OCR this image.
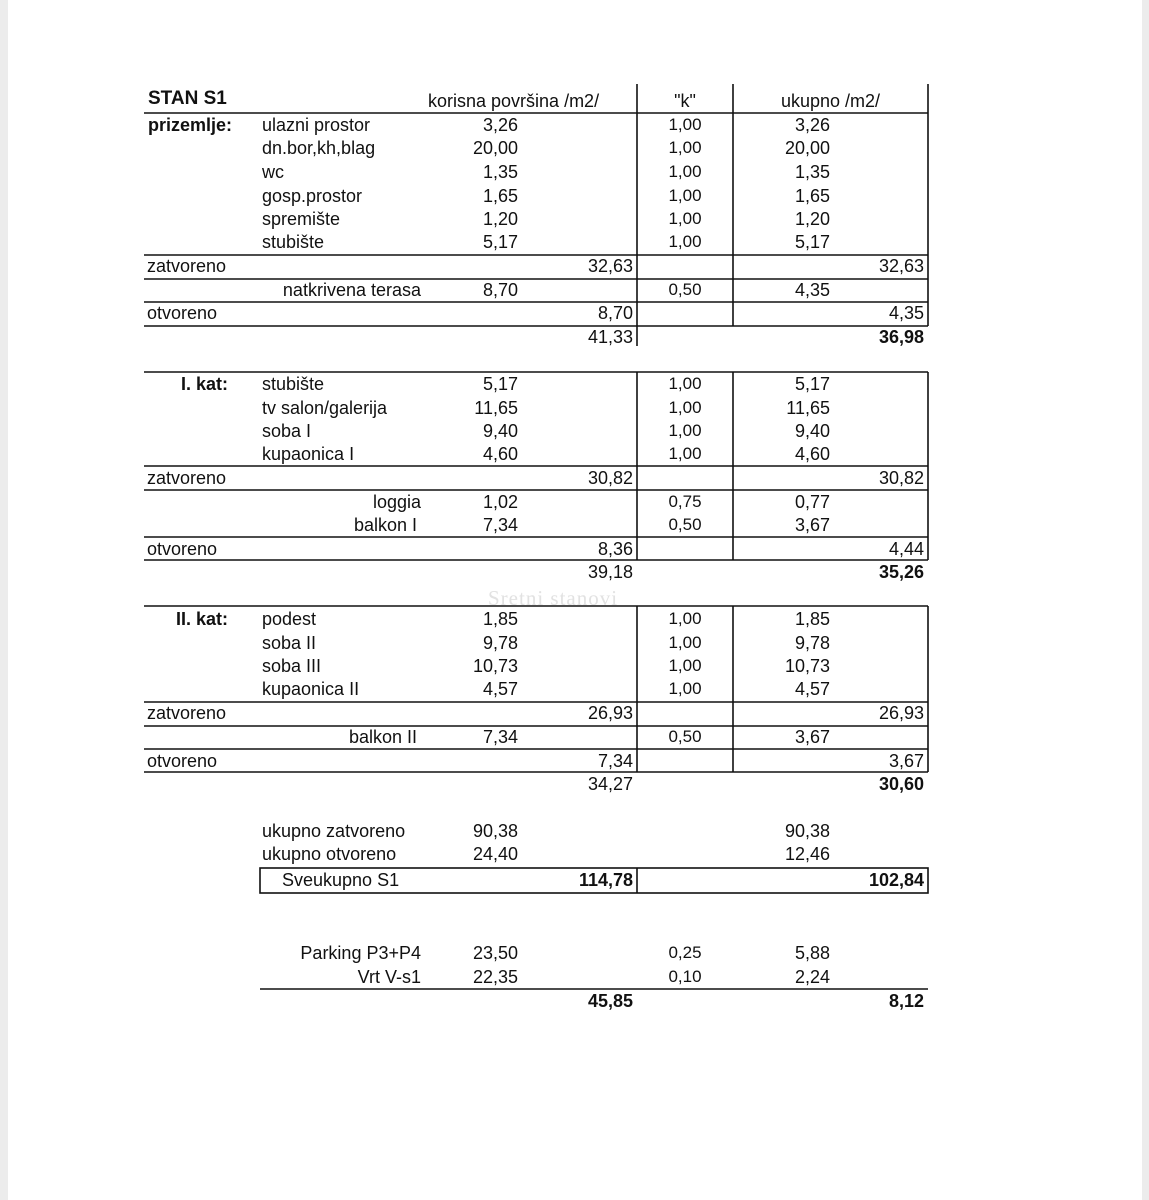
Sretni stanovi
STAN S1	korisna površina /m2/	"k"	ukupno /m2/
prizemlje: ulazni prostor	3,26	1,00	3,26
dn.bor,kh,blag	20,00	1,00	20,00
wc	1,35	1,00	1,35
gosp.prostor	1,65	1,00	1,65
spremište	1,20	1,00	1,20
stubište	5,17	1,00	5,17
zatvoreno	32,63	32,63
natkrivena terasa	8,70	0,50	4,35
otvoreno	8,70	4,35
41,33	36,98
I. kat: stubište	5,17	1,00	5,17
tv salon/galerija	11,65	1,00	11,65
soba I	9,40	1,00	9,40
kupaonica I	4,60	1,00	4,60
zatvoreno	30,82	30,82
loggia	1,02	0,75	0,77
balkon I	7,34	0,50	3,67
otvoreno	8,36	4,44
39,18	35,26
II. kat: podest	1,85	1,00	1,85
soba II	9,78	1,00	9,78
soba III	10,73	1,00	10,73
kupaonica II	4,57	1,00	4,57
zatvoreno	26,93	26,93
balkon II	7,34	0,50	3,67
otvoreno	7,34	3,67
34,27	30,60
ukupno zatvoreno	90,38	90,38
ukupno otvoreno	24,40	12,46
Sveukupno S1	114,78	102,84
Parking P3+P4	23,50	0,25	5,88
Vrt V-s1	22,35	0,10	2,24
45,85	8,12
